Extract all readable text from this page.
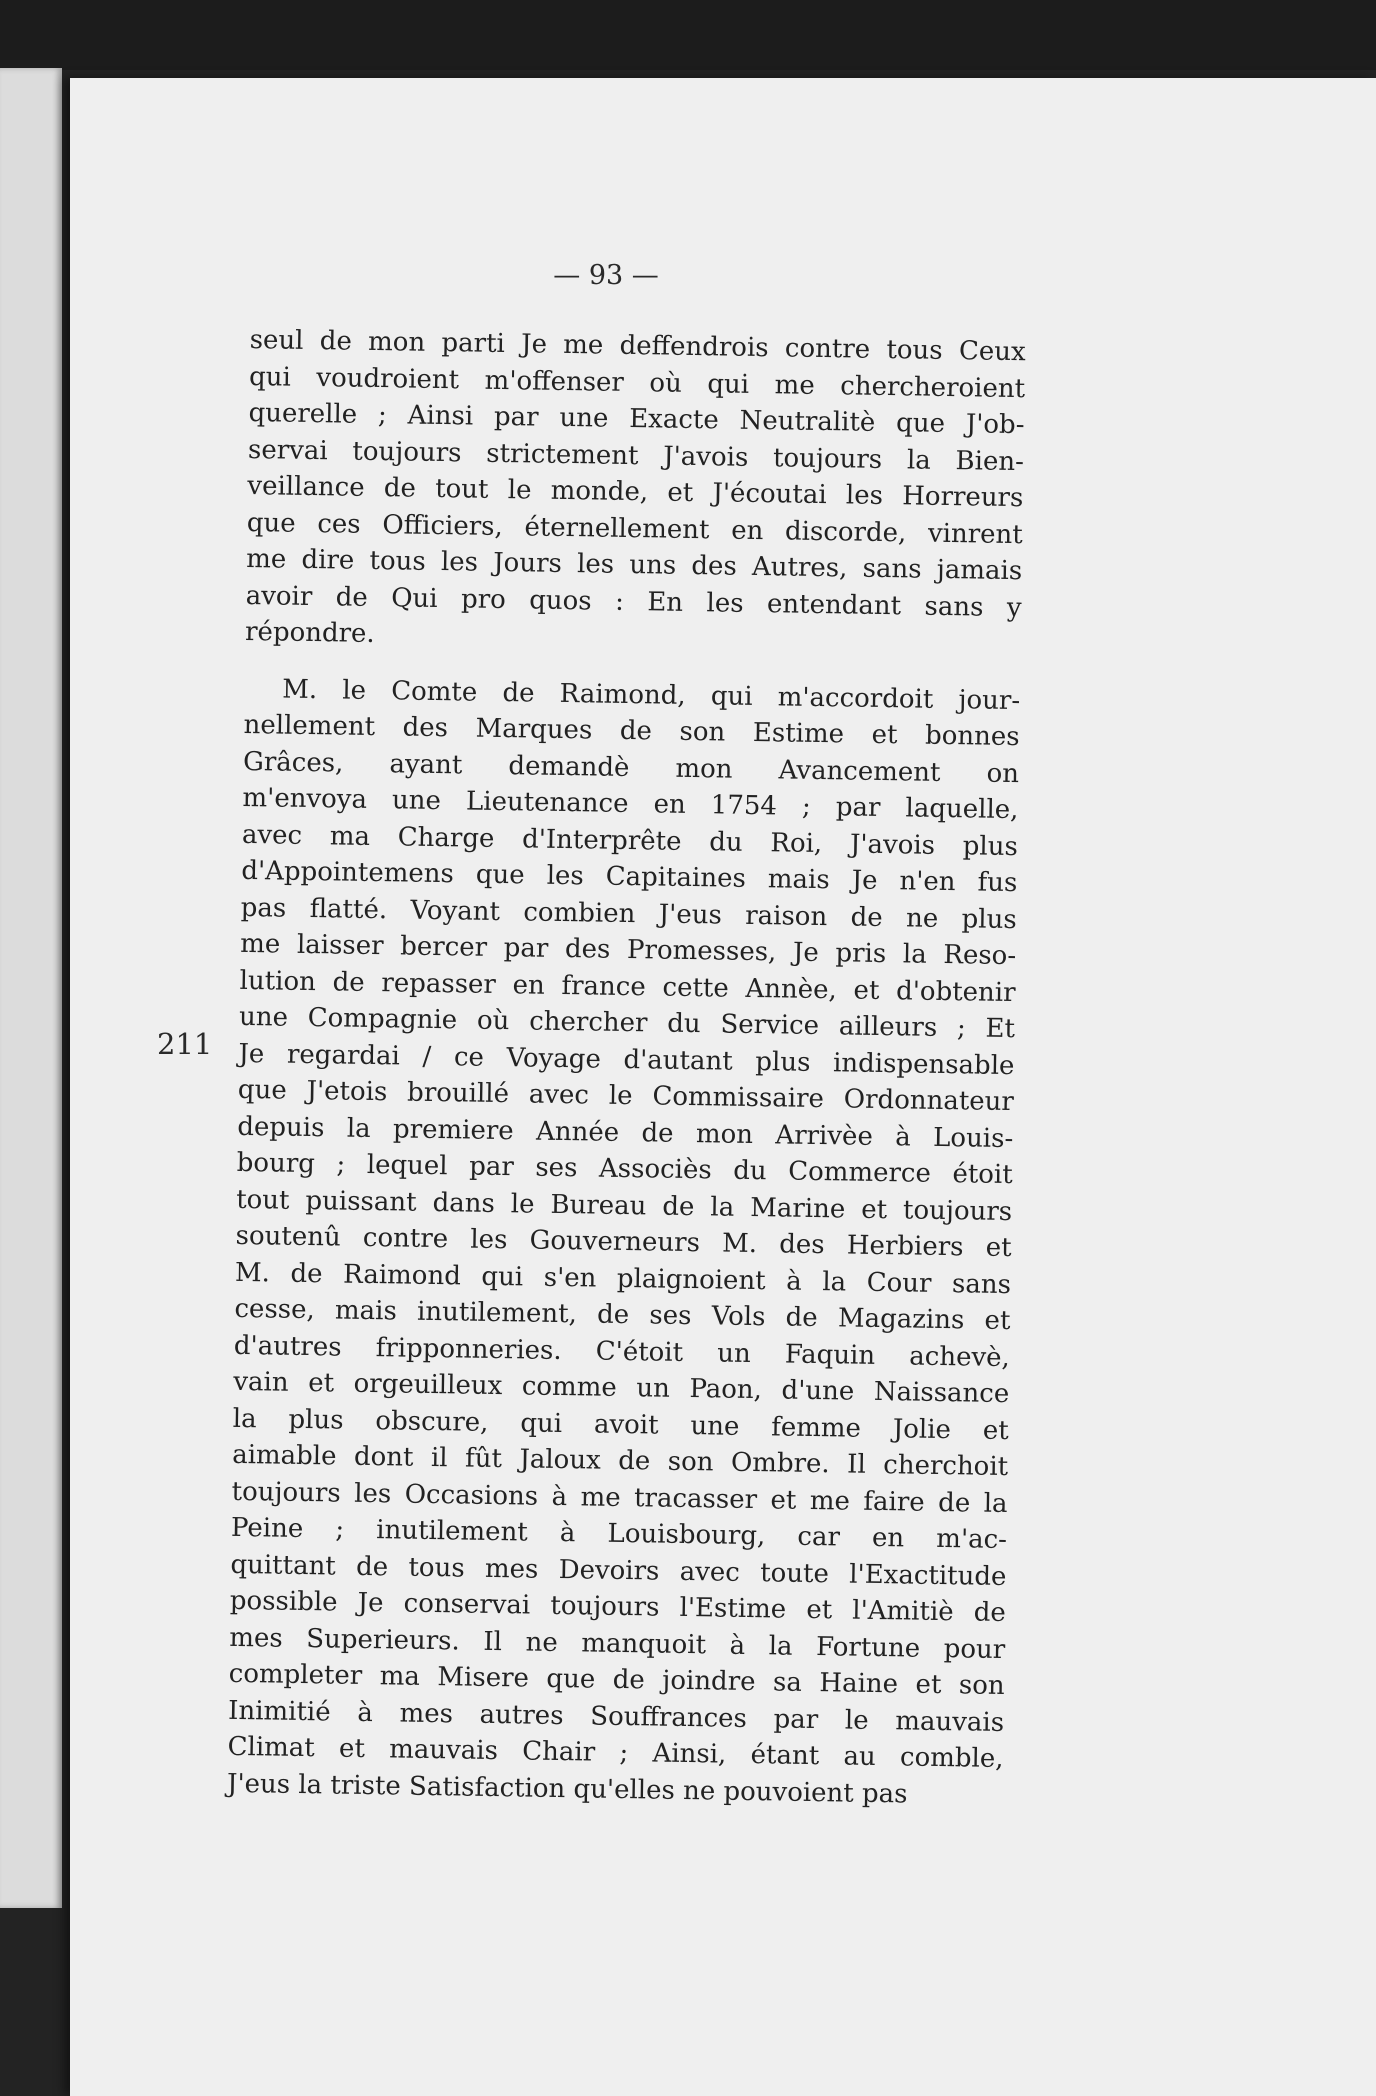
— 93 —
211
seul de mon parti Je me deffendrois contre tous Ceux
qui voudroient m'offenser où qui me chercheroient
querelle ; Ainsi par une Exacte Neutralitè que J'ob-
servai toujours strictement J'avois toujours la Bien-
veillance de tout le monde, et J'écoutai les Horreurs
que ces Officiers, éternellement en discorde, vinrent
me dire tous les Jours les uns des Autres, sans jamais
avoir de Qui pro quos : En les entendant sans y
répondre.
M. le Comte de Raimond, qui m'accordoit jour-
nellement des Marques de son Estime et bonnes
Grâces, ayant demandè mon Avancement on
m'envoya une Lieutenance en 1754 ; par laquelle,
avec ma Charge d'Interprête du Roi, J'avois plus
d'Appointemens que les Capitaines mais Je n'en fus
pas flatté. Voyant combien J'eus raison de ne plus
me laisser bercer par des Promesses, Je pris la Reso-
lution de repasser en france cette Annèe, et d'obtenir
une Compagnie où chercher du Service ailleurs ; Et
Je regardai / ce Voyage d'autant plus indispensable
que J'etois brouillé avec le Commissaire Ordonnateur
depuis la premiere Année de mon Arrivèe à Louis-
bourg ; lequel par ses Associès du Commerce étoit
tout puissant dans le Bureau de la Marine et toujours
soutenû contre les Gouverneurs M. des Herbiers et
M. de Raimond qui s'en plaignoient à la Cour sans
cesse, mais inutilement, de ses Vols de Magazins et
d'autres fripponneries. C'étoit un Faquin achevè,
vain et orgeuilleux comme un Paon, d'une Naissance
la plus obscure, qui avoit une femme Jolie et
aimable dont il fût Jaloux de son Ombre. Il cherchoit
toujours les Occasions à me tracasser et me faire de la
Peine ; inutilement à Louisbourg, car en m'ac-
quittant de tous mes Devoirs avec toute l'Exactitude
possible Je conservai toujours l'Estime et l'Amitiè de
mes Superieurs. Il ne manquoit à la Fortune pour
completer ma Misere que de joindre sa Haine et son
Inimitié à mes autres Souffrances par le mauvais
Climat et mauvais Chair ; Ainsi, étant au comble,
J'eus la triste Satisfaction qu'elles ne pouvoient pas
